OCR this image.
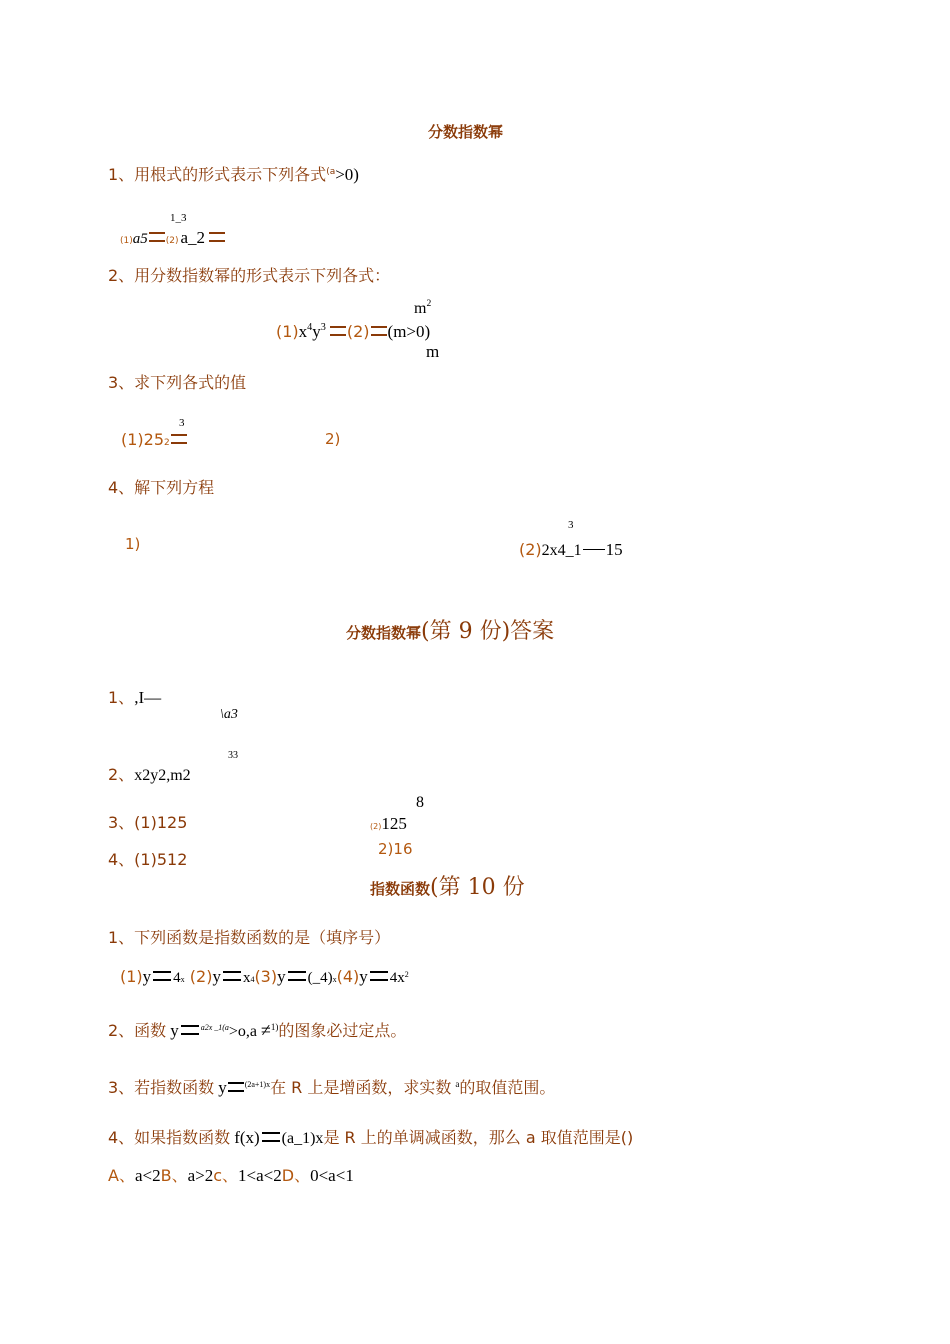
分数指数幂
1、用根式的形式表示下列各式$^{(a}$>0)
1_3
(1)a5 (2) a_2
2、用分数指数幂的形式表示下列各式：
$m^2$
$(1)x^4y^3$ (2) (m>0)
m
3、求下列各式的值
3
(1)252	2)
4、解下列方程
1)
3
(2)2x4_1 15
分数指数幂(第 9 份)答案
1、,I—
\a3
33
2、x2y2,m2
8
3、(1)125	(2)125
4、(1)512
2)16
指数函数(第 10 份
1、下列函数是指数函数的是（填序号）
(1)y 4x (2)y x4(3)y (_4)x(4)y $4x^2$
2、函数 y	$^{a2x \_1(a}$>o,a ≠$^{1)}$的图象必过定点。
3、若指数函数 y $^{(2a+1)x}$在 R 上是增函数，求实数 $^a$的取值范围。
4、如果指数函数 f(x) (a_1)x是 R 上的单调减函数，那么 a 取值范围是()
A、a<2B、a>2c、1<a<2D、0<a<1
